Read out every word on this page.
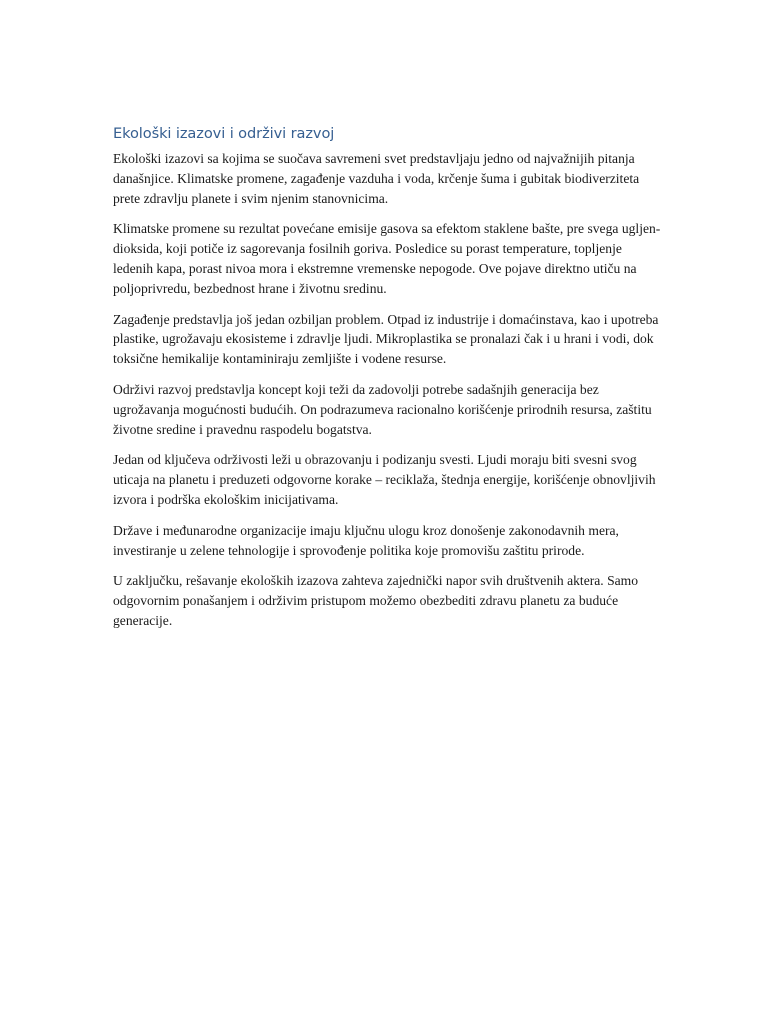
Ekološki izazovi i održivi razvoj

Ekološki izazovi sa kojima se suočava savremeni svet predstavljaju jedno od najvažnijih pitanja današnjice. Klimatske promene, zagađenje vazduha i voda, krčenje šuma i gubitak biodiverziteta prete zdravlju planete i svim njenim stanovnicima.

Klimatske promene su rezultat povećane emisije gasova sa efektom staklene bašte, pre svega ugljen-dioksida, koji potiče iz sagorevanja fosilnih goriva. Posledice su porast temperature, topljenje ledenih kapa, porast nivoa mora i ekstremne vremenske nepogode. Ove pojave direktno utiču na poljoprivredu, bezbednost hrane i životnu sredinu.

Zagađenje predstavlja još jedan ozbiljan problem. Otpad iz industrije i domaćinstava, kao i upotreba plastike, ugrožavaju ekosisteme i zdravlje ljudi. Mikroplastika se pronalazi čak i u hrani i vodi, dok toksične hemikalije kontaminiraju zemljište i vodene resurse.

Održivi razvoj predstavlja koncept koji teži da zadovolji potrebe sadašnjih generacija bez ugrožavanja mogućnosti budućih. On podrazumeva racionalno korišćenje prirodnih resursa, zaštitu životne sredine i pravednu raspodelu bogatstva.

Jedan od ključeva održivosti leži u obrazovanju i podizanju svesti. Ljudi moraju biti svesni svog uticaja na planetu i preduzeti odgovorne korake – reciklaža, štednja energije, korišćenje obnovljivih izvora i podrška ekološkim inicijativama.

Države i međunarodne organizacije imaju ključnu ulogu kroz donošenje zakonodavnih mera, investiranje u zelene tehnologije i sprovođenje politika koje promovišu zaštitu prirode.

U zaključku, rešavanje ekoloških izazova zahteva zajednički napor svih društvenih aktera. Samo odgovornim ponašanjem i održivim pristupom možemo obezbediti zdravu planetu za buduće generacije.
